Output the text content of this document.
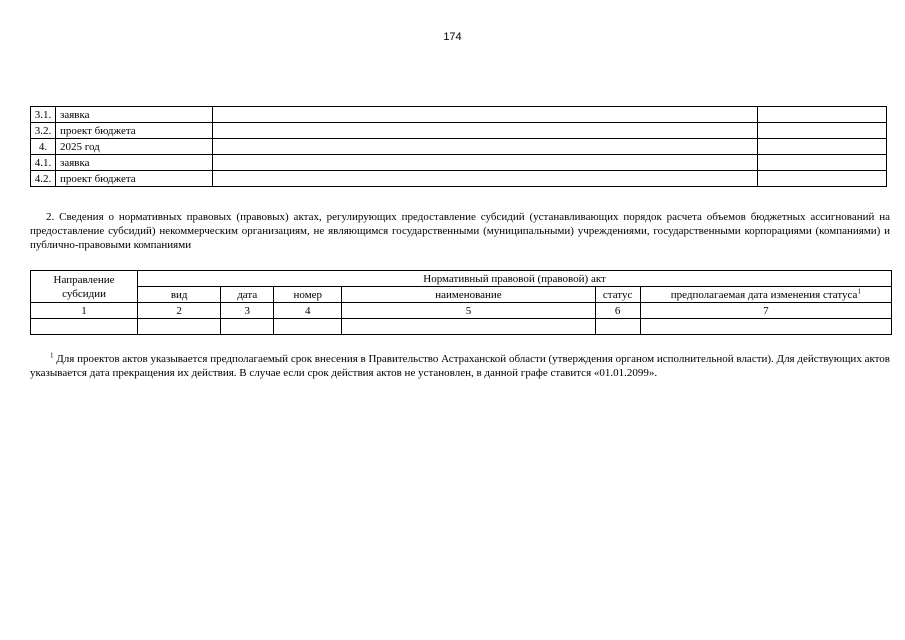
174
3.1.	заявка		
3.2.	проект бюджета		
4.	2025 год		
4.1.	заявка		
4.2.	проект бюджета		

2. Сведения о нормативных правовых (правовых) актах, регулирующих предоставление субсидий (устанавливающих порядок расчета объемов бюджетных ассигнований на предоставление субсидий) некоммерческим организациям, не являющимся государственными (муниципальными) учреждениями, государственными корпорациями (компаниями) и публично-правовыми компаниями

Направление субсидии	Нормативный правовой (правовой) акт					
	вид	дата	номер	наименование	статус	предполагаемая дата изменения статуса$^1$
1	2	3	4	5	6	7

$^1$ Для проектов актов указывается предполагаемый срок внесения в Правительство Астраханской области (утверждения органом исполнительной власти). Для действующих актов указывается дата прекращения их действия. В случае если срок действия актов не установлен, в данной графе ставится «01.01.2099».
